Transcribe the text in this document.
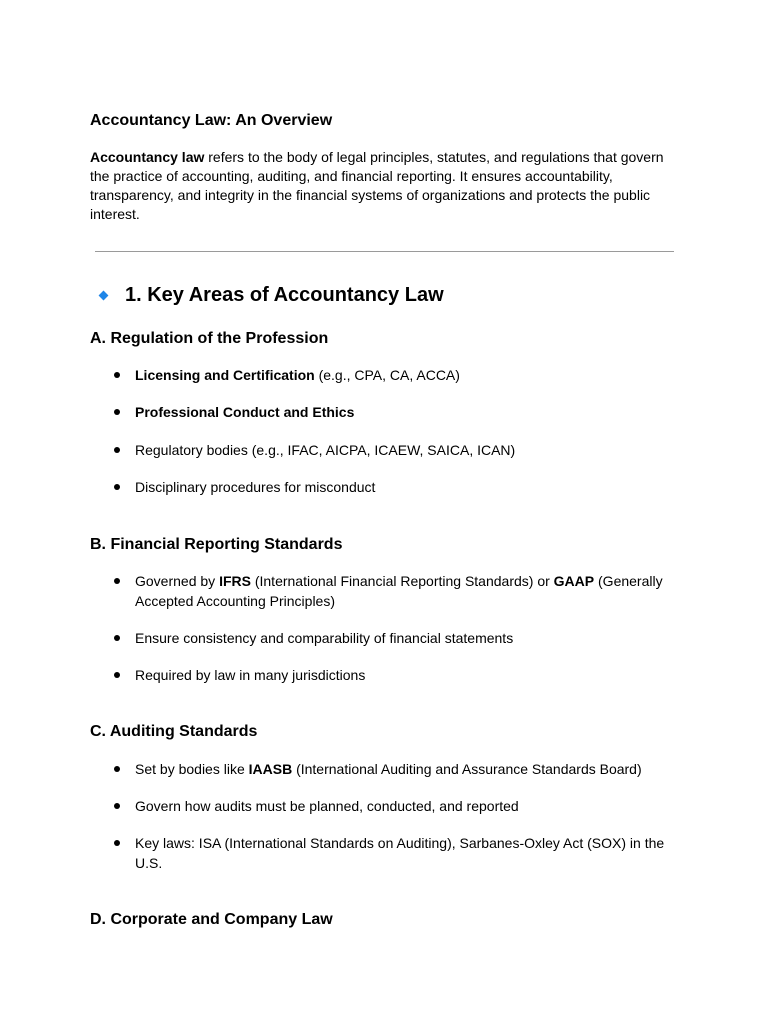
Accountancy Law: An Overview

Accountancy law refers to the body of legal principles, statutes, and regulations that govern the practice of accounting, auditing, and financial reporting. It ensures accountability, transparency, and integrity in the financial systems of organizations and protects the public interest.

1. Key Areas of Accountancy Law
A. Regulation of the Profession
Licensing and Certification (e.g., CPA, CA, ACCA)
Professional Conduct and Ethics
Regulatory bodies (e.g., IFAC, AICPA, ICAEW, SAICA, ICAN)
Disciplinary procedures for misconduct
B. Financial Reporting Standards
Governed by IFRS (International Financial Reporting Standards) or GAAP (Generally Accepted Accounting Principles)
Ensure consistency and comparability of financial statements
Required by law in many jurisdictions
C. Auditing Standards
Set by bodies like IAASB (International Auditing and Assurance Standards Board)
Govern how audits must be planned, conducted, and reported
Key laws: ISA (International Standards on Auditing), Sarbanes-Oxley Act (SOX) in the U.S.
D. Corporate and Company Law
